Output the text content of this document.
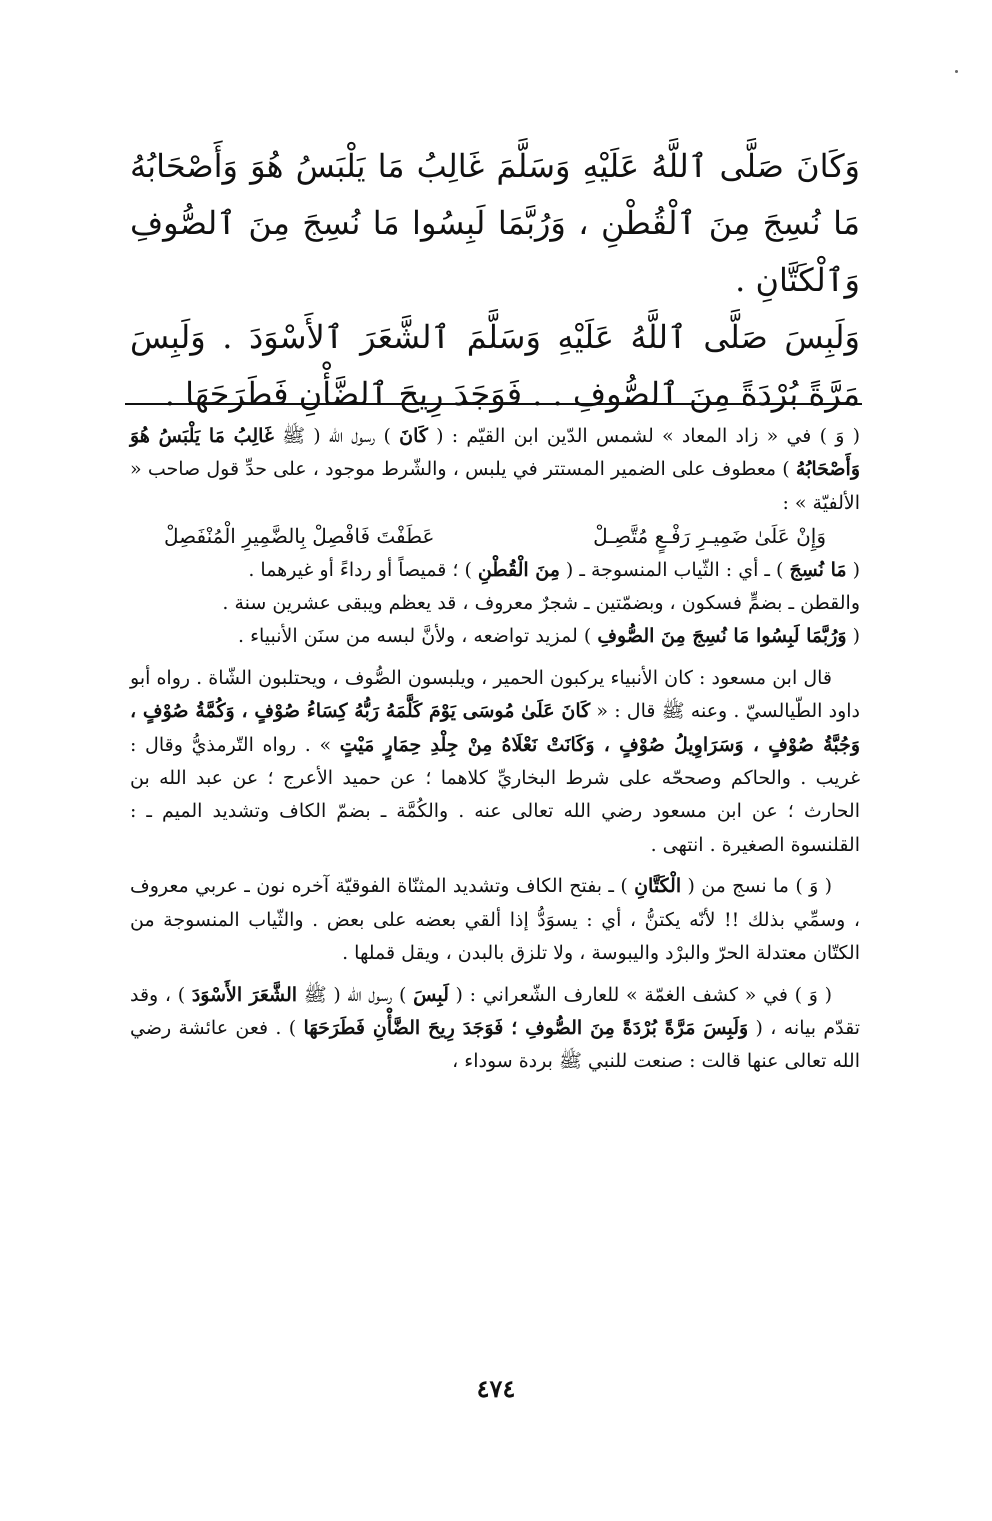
وَكَانَ صَلَّى ٱللَّهُ عَلَيْهِ وَسَلَّمَ غَالِبُ مَا يَلْبَسُ هُوَ وَأَصْحَابُهُ مَا نُسِجَ مِنَ ٱلْقُطْنِ ، وَرُبَّمَا لَبِسُوا مَا نُسِجَ مِنَ ٱلصُّوفِ وَٱلْكَتَّانِ .

وَلَبِسَ صَلَّى ٱللَّهُ عَلَيْهِ وَسَلَّمَ ٱلشَّعَرَ ٱلأَسْوَدَ . وَلَبِسَ مَرَّةً بُرْدَةً مِنَ ٱلصُّوفِ . . فَوَجَدَ رِيحَ ٱلضَّأْنِ فَطَرَحَهَا .

( وَ ) في « زاد المعاد » لشمس الدّين ابن القيّم : ( كَانَ ) رسول الله ( ﷺ غَالِبُ مَا يَلْبَسُ هُوَ وَأَصْحَابُهُ ) معطوف على الضمير المستتر في يلبس ، والشّرط موجود ، على حدِّ قول صاحب « الألفيّة » :

وَإِنْ عَلَىٰ ضَمِيـرِ رَفْـعٍ مُتَّصِـلْ
عَطَفْتَ فَافْصِلْ بِالضَّمِيرِ الْمُنْفَصِلْ

( مَا نُسِجَ ) ـ أي : الثّياب المنسوجة ـ ( مِنَ الْقُطْنِ ) ؛ قميصاً أو رداءً أو غيرهما .

والقطن ـ بضمٍّ فسكون ، وبضمّتين ـ شجرٌ معروف ، قد يعظم ويبقى عشرين سنة .

( وَرُبَّمَا لَبِسُوا مَا نُسِجَ مِنَ الصُّوفِ ) لمزيد تواضعه ، ولأنَّ لبسه من سنَن الأنبياء .

قال ابن مسعود : كان الأنبياء يركبون الحمير ، ويلبسون الصُّوف ، ويحتلبون الشّاة . رواه أبو داود الطّيالسيّ . وعنه ﷺ قال : « كَانَ عَلَىٰ مُوسَى يَوْمَ كَلَّمَهُ رَبُّهُ كِسَاءُ صُوْفٍ ، وَكُمَّةُ صُوْفٍ ، وَجُبَّةُ صُوْفٍ ، وَسَرَاوِيلُ صُوْفٍ ، وَكَانَتْ نَعْلَاهُ مِنْ جِلْدِ حِمَارٍ مَيْتٍ » . رواه التّرمذيُّ وقال : غريب . والحاكم وصححّه على شرط البخاريِّ كلاهما ؛ عن حميد الأعرج ؛ عن عبد الله بن الحارث ؛ عن ابن مسعود رضي الله تعالى عنه . والكُمَّة ـ بضمّ الكاف وتشديد الميم ـ : القلنسوة الصغيرة . انتهى .

( وَ ) ما نسج من ( الْكَتَّانِ ) ـ بفتح الكاف وتشديد المثنّاة الفوقيّة آخره نون ـ عربي معروف ، وسمِّي بذلك !! لأنّه يكتنُّ ، أي : يسوَدُّ إذا ألقي بعضه على بعض . والثّياب المنسوجة من الكتّان معتدلة الحرّ والبرْد واليبوسة ، ولا تلزق بالبدن ، ويقل قملها .

( وَ ) في « كشف الغمّة » للعارف الشّعراني : ( لَبِسَ ) رسول الله ( ﷺ الشَّعَرَ الأَسْوَدَ ) ، وقد تقدّم بيانه ، ( وَلَبِسَ مَرَّةً بُرْدَةً مِنَ الصُّوفِ ؛ فَوَجَدَ رِيحَ الضَّأْنِ فَطَرَحَهَا ) . فعن عائشة رضي الله تعالى عنها قالت : صنعت للنبي ﷺ بردة سوداء ،

٤٧٤
